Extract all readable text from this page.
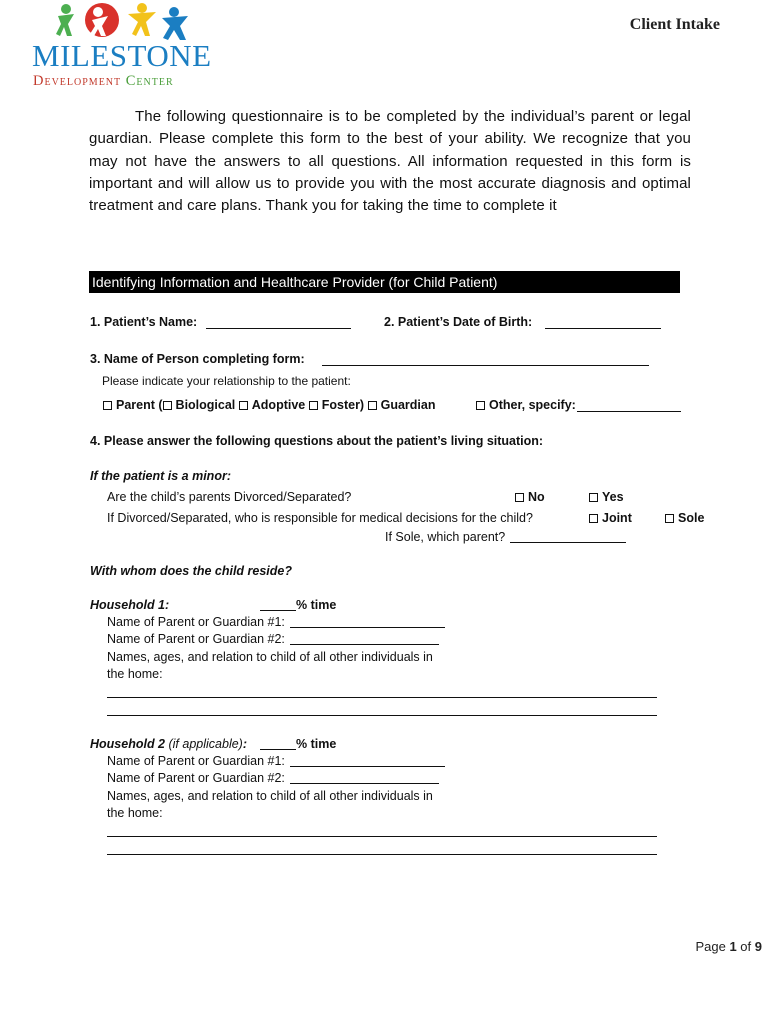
MILESTONE
Development Center
Client Intake
The following questionnaire is to be completed by the individual’s parent or legal guardian. Please complete this form to the best of your ability. We recognize that you may not have the answers to all questions. All information requested in this form is important and will allow us to provide you with the most accurate diagnosis and optimal treatment and care plans. Thank you for taking the time to complete it
Identifying Information and Healthcare Provider (for Child Patient)
1. Patient’s Name:	2. Patient’s Date of Birth:
3. Name of Person completing form:
Please indicate your relationship to the patient:
Parent ( Biological Adoptive Foster) Guardian	Other, specify:
4. Please answer the following questions about the patient’s living situation:
If the patient is a minor:
Are the child’s parents Divorced/Separated?	No	Yes
If Divorced/Separated, who is responsible for medical decisions for the child?	Joint	Sole
If Sole, which parent?
With whom does the child reside?
Household 1:	% time
Name of Parent or Guardian #1:
Name of Parent or Guardian #2:
Names, ages, and relation to child of all other individuals in
the home:
Household 2 (if applicable):	% time
Name of Parent or Guardian #1:
Name of Parent or Guardian #2:
Names, ages, and relation to child of all other individuals in
the home:
Page 1 of 9
